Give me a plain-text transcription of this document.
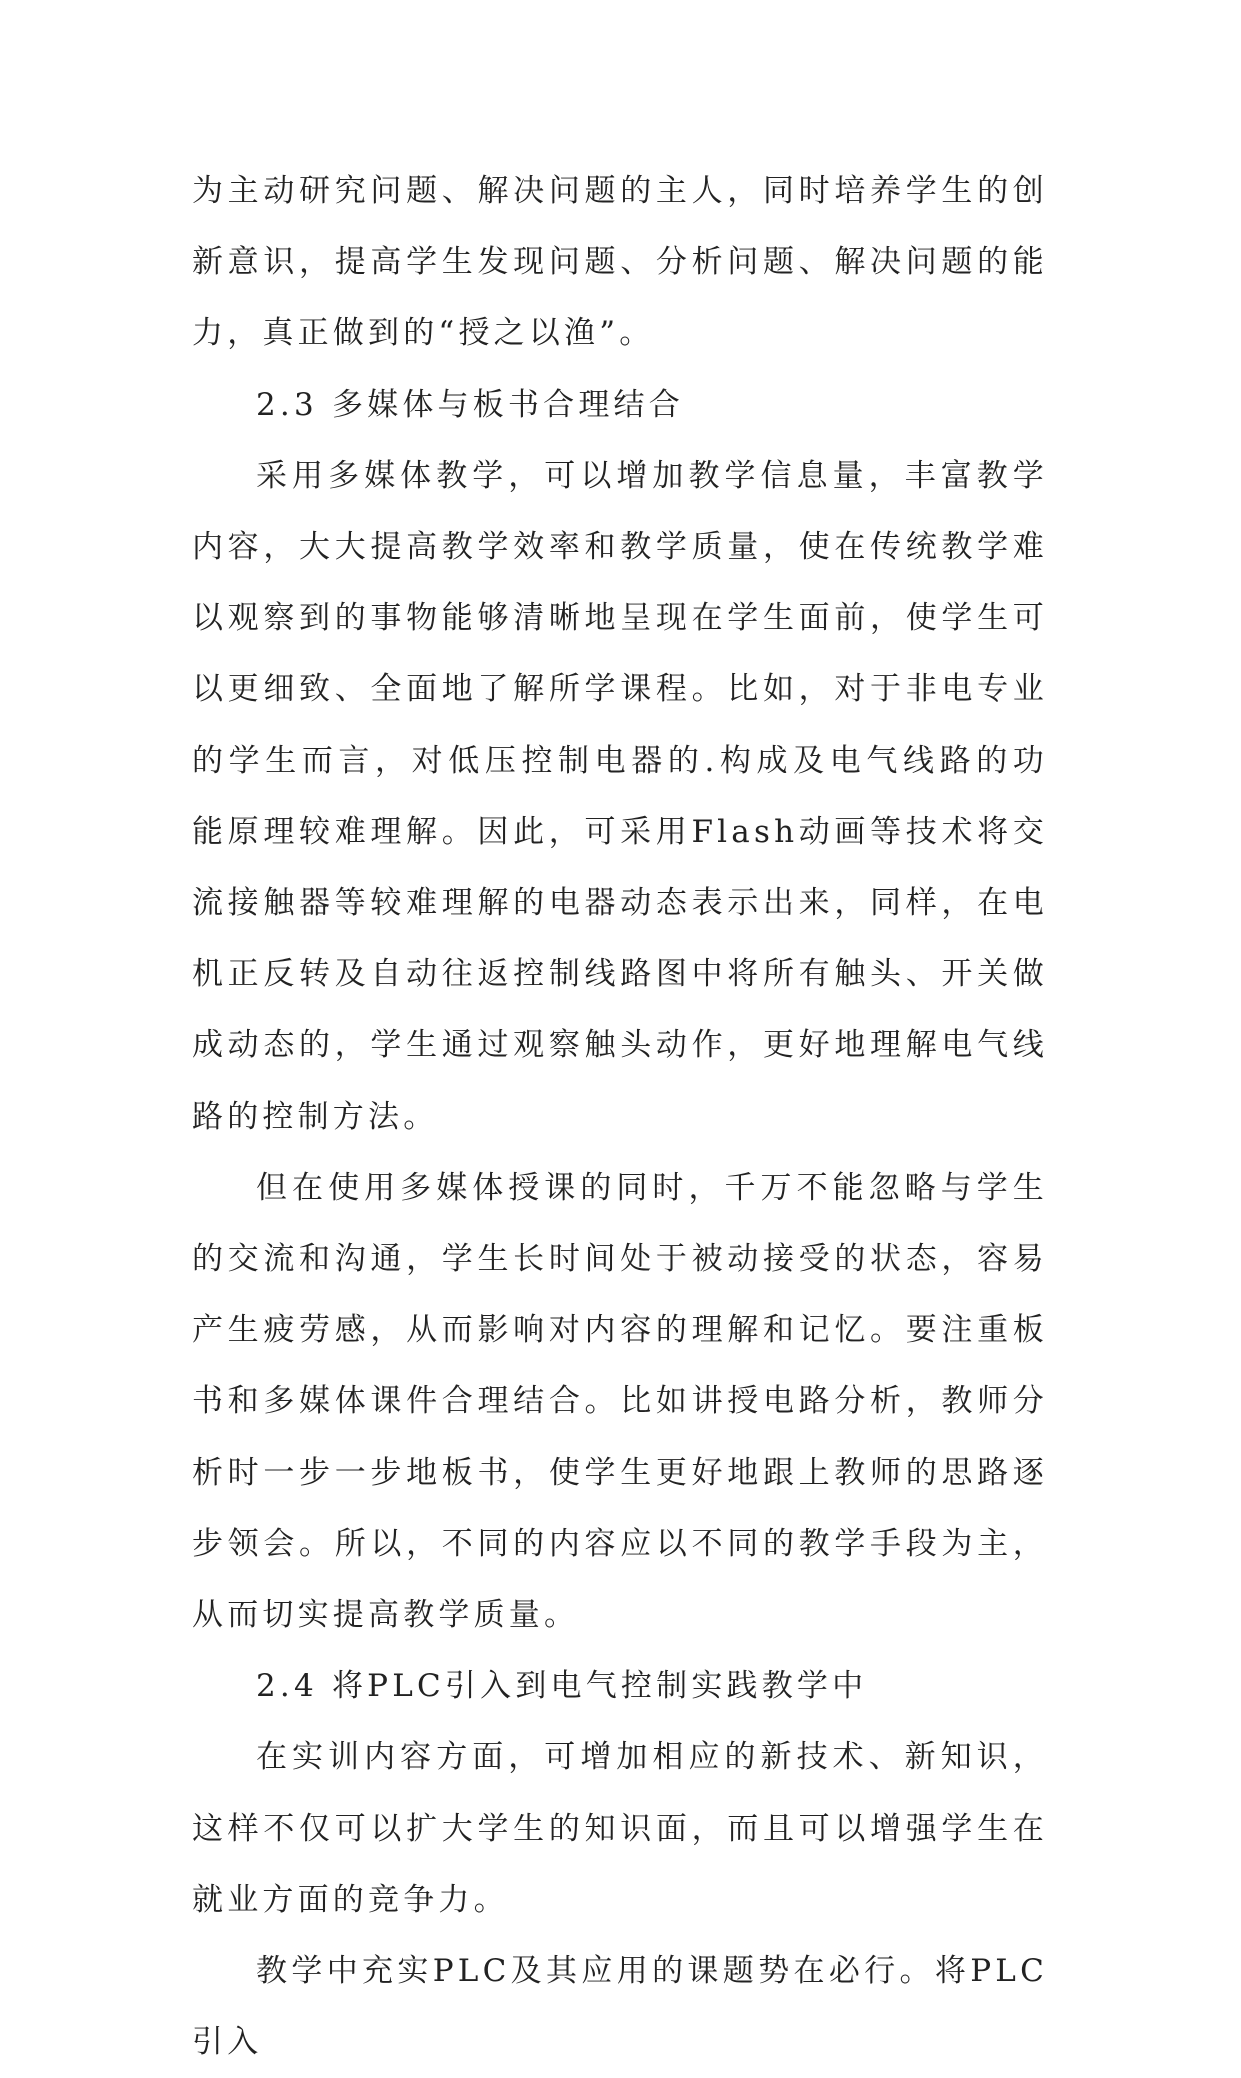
为主动研究问题、解决问题的主人，同时培养学生的创新意识，提高学生发现问题、分析问题、解决问题的能力，真正做到的“授之以渔”。

2.3 多媒体与板书合理结合

采用多媒体教学，可以增加教学信息量，丰富教学内容，大大提高教学效率和教学质量，使在传统教学难以观察到的事物能够清晰地呈现在学生面前，使学生可以更细致、全面地了解所学课程。比如，对于非电专业的学生而言，对低压控制电器的.构成及电气线路的功能原理较难理解。因此，可采用Flash动画等技术将交流接触器等较难理解的电器动态表示出来，同样，在电机正反转及自动往返控制线路图中将所有触头、开关做成动态的，学生通过观察触头动作，更好地理解电气线路的控制方法。

但在使用多媒体授课的同时，千万不能忽略与学生的交流和沟通，学生长时间处于被动接受的状态，容易产生疲劳感，从而影响对内容的理解和记忆。要注重板书和多媒体课件合理结合。比如讲授电路分析，教师分析时一步一步地板书，使学生更好地跟上教师的思路逐步领会。所以，不同的内容应以不同的教学手段为主，从而切实提高教学质量。

2.4 将PLC引入到电气控制实践教学中

在实训内容方面，可增加相应的新技术、新知识，这样不仅可以扩大学生的知识面，而且可以增强学生在就业方面的竞争力。

教学中充实PLC及其应用的课题势在必行。将PLC引入
